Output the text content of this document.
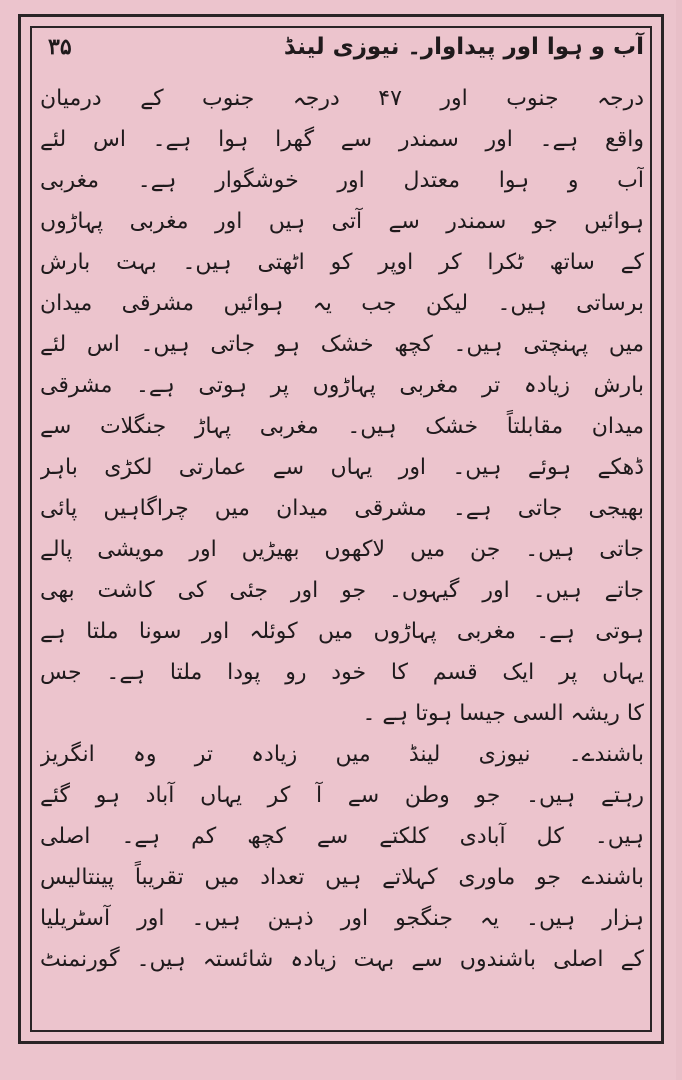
آب و ہوا اور پیداوار۔ نیوزی لینڈ
۳۵
درجہ جنوب اور ۴۷ درجہ جنوب کے درمیان
واقع ہے۔ اور سمندر سے گھرا ہوا ہے۔ اس لئے
آب و ہوا معتدل اور خوشگوار ہے۔ مغربی
ہوائیں جو سمندر سے آتی ہیں اور مغربی پہاڑوں
کے ساتھ ٹکرا کر اوپر کو اٹھتی ہیں۔ بہت بارش
برساتی ہیں۔ لیکن جب یہ ہوائیں مشرقی میدان
میں پہنچتی ہیں۔ کچھ خشک ہو جاتی ہیں۔ اس لئے
بارش زیادہ تر مغربی پہاڑوں پر ہوتی ہے۔ مشرقی
میدان مقابلتاً خشک ہیں۔ مغربی پہاڑ جنگلات سے
ڈھکے ہوئے ہیں۔ اور یہاں سے عمارتی لکڑی باہر
بھیجی جاتی ہے۔ مشرقی میدان میں چراگاہیں پائی
جاتی ہیں۔ جن میں لاکھوں بھیڑیں اور مویشی پالے
جاتے ہیں۔ اور گیہوں۔ جو اور جئی کی کاشت بھی
ہوتی ہے۔ مغربی پہاڑوں میں کوئلہ اور سونا ملتا ہے
یہاں پر ایک قسم کا خود رو پودا ملتا ہے۔ جس
کا ریشہ السی جیسا ہوتا ہے ۔
باشندے۔ نیوزی لینڈ میں زیادہ تر وہ انگریز
رہتے ہیں۔ جو وطن سے آ کر یہاں آباد ہو گئے
ہیں۔ کل آبادی کلکتے سے کچھ کم ہے۔ اصلی
باشندے جو ماوری کہلاتے ہیں تعداد میں تقریباً پینتالیس
ہزار ہیں۔ یہ جنگجو اور ذہین ہیں۔ اور آسٹریلیا
کے اصلی باشندوں سے بہت زیادہ شائستہ ہیں۔ گورنمنٹ
